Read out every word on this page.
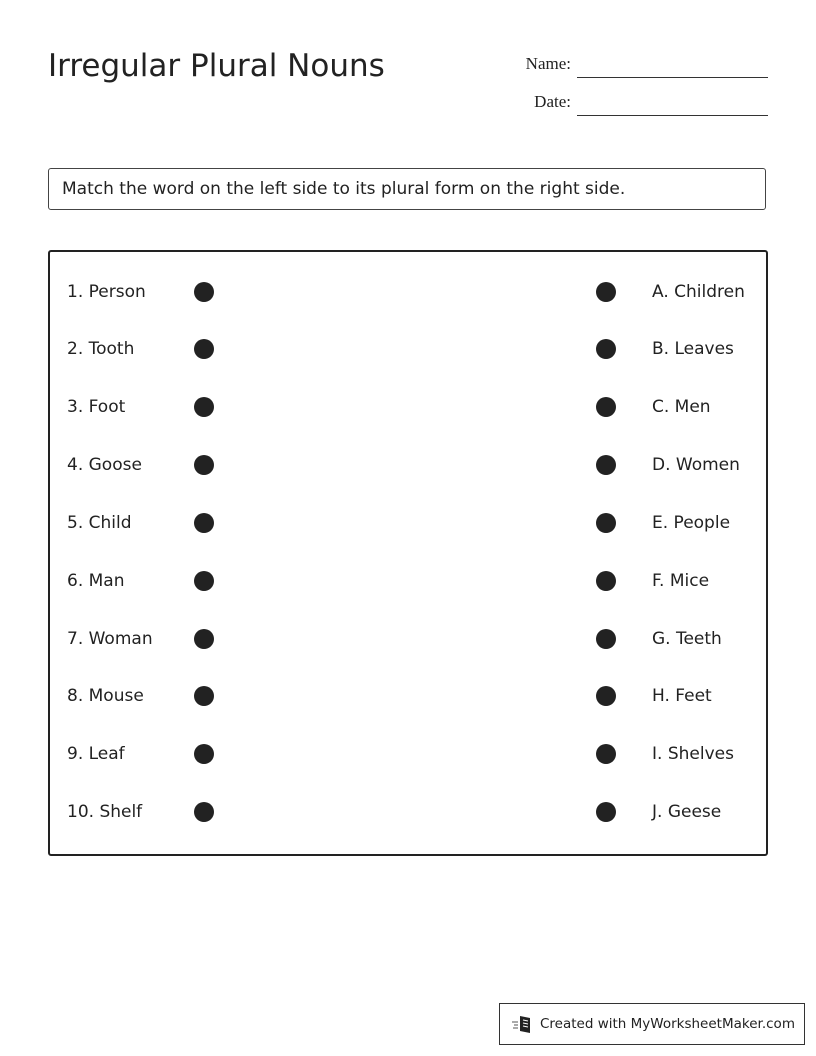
Irregular Plural Nouns	Name:
Date:
Match the word on the left side to its plural form on the right side.
1. Person	A. Children
2. Tooth	B. Leaves
3. Foot	C. Men
4. Goose	D. Women
5. Child	E. People
6. Man	F. Mice
7. Woman	G. Teeth
8. Mouse	H. Feet
9. Leaf	I. Shelves
10. Shelf	J. Geese
Created with MyWorksheetMaker.com
